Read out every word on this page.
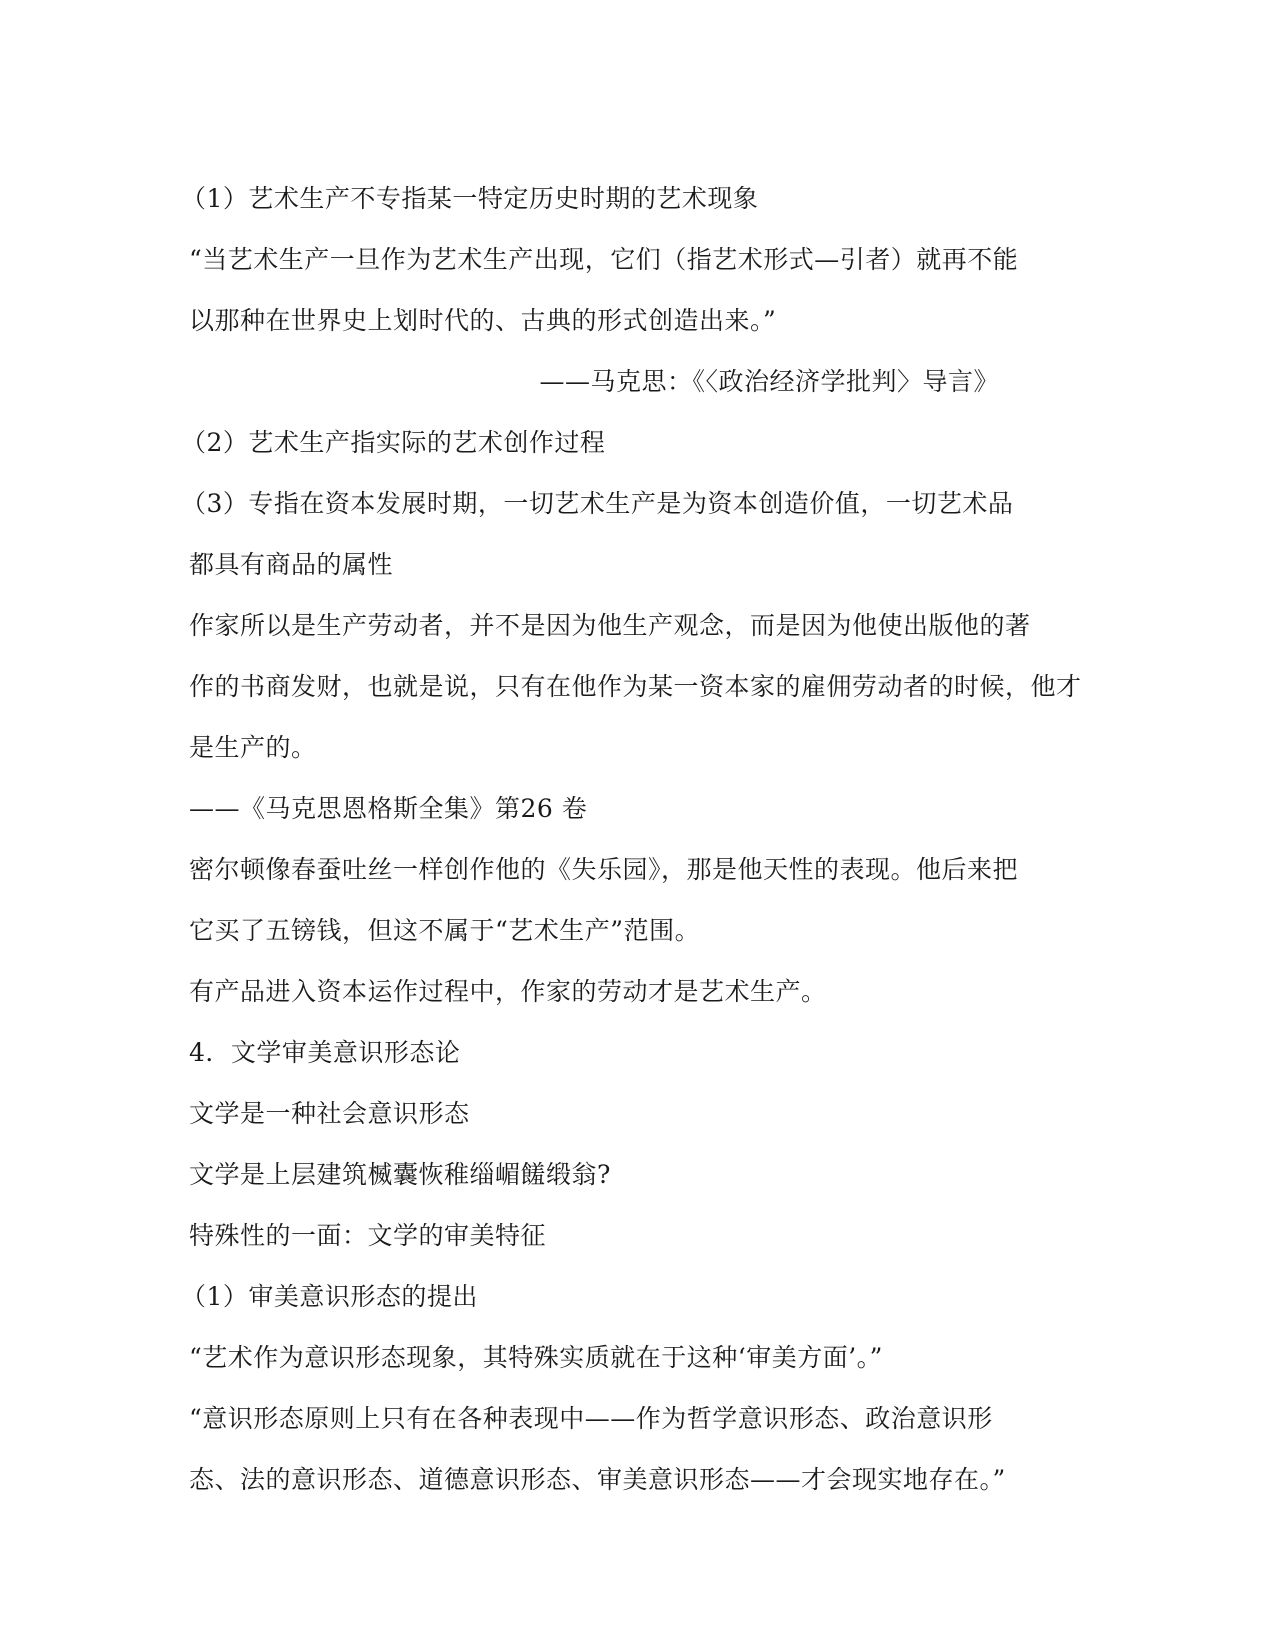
（1）艺术生产不专指某一特定历史时期的艺术现象
“当艺术生产一旦作为艺术生产出现，它们（指艺术形式—引者）就再不能
以那种在世界史上划时代的、古典的形式创造出来。”
——马克思：《〈政治经济学批判〉导言》
（2）艺术生产指实际的艺术创作过程
（3）专指在资本发展时期，一切艺术生产是为资本创造价值，一切艺术品
都具有商品的属性
作家所以是生产劳动者，并不是因为他生产观念，而是因为他使出版他的著
作的书商发财，也就是说，只有在他作为某一资本家的雇佣劳动者的时候，他才
是生产的。
——《马克思恩格斯全集》第26 卷
密尔顿像春蚕吐丝一样创作他的《失乐园》，那是他天性的表现。他后来把
它买了五镑钱，但这不属于“艺术生产”范围。
有产品进入资本运作过程中，作家的劳动才是艺术生产。
4．文学审美意识形态论
文学是一种社会意识形态
文学是上层建筑楲囊恢稚缁嵋饈缎翁?
特殊性的一面：文学的审美特征
（1）审美意识形态的提出
“艺术作为意识形态现象，其特殊实质就在于这种‘审美方面’。”
“意识形态原则上只有在各种表现中——作为哲学意识形态、政治意识形
态、法的意识形态、道德意识形态、审美意识形态——才会现实地存在。”
